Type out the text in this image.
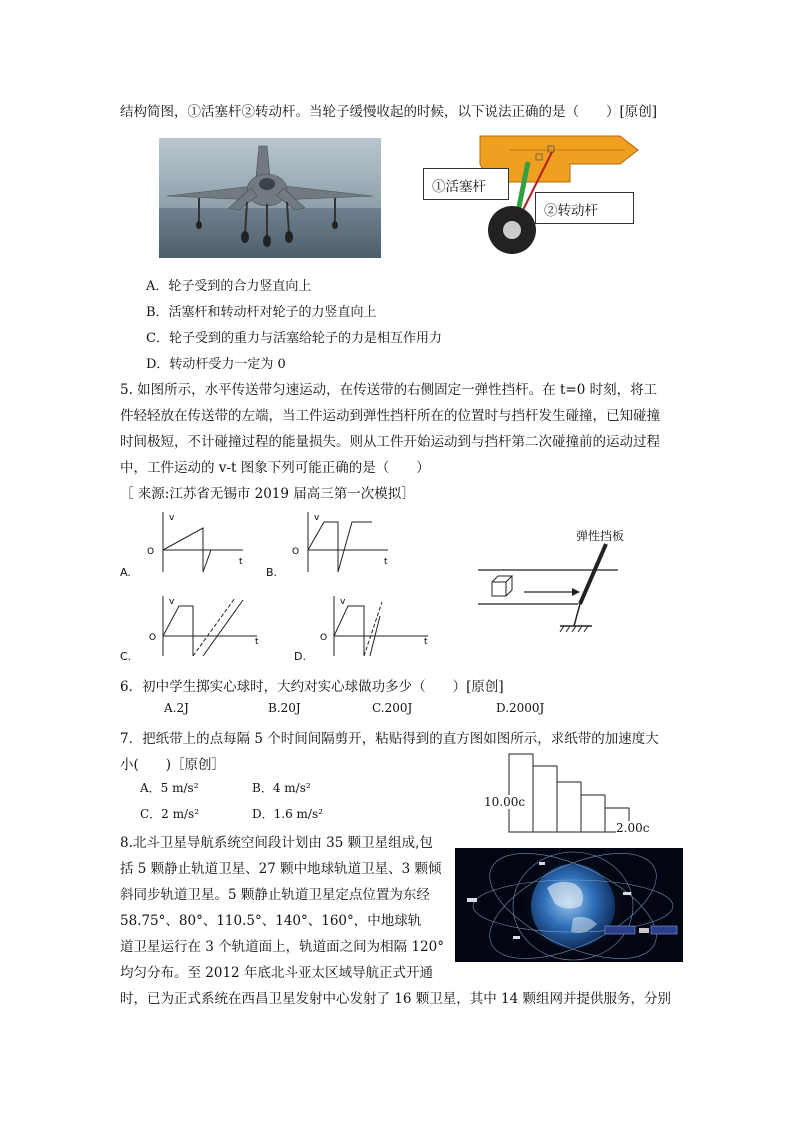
结构简图，①活塞杆②转动杆。当轮子缓慢收起的时候，以下说法正确的是（　　）[原创]
①活塞杆
②转动杆
A．轮子受到的合力竖直向上
B．活塞杆和转动杆对轮子的力竖直向上
C．轮子受到的重力与活塞给轮子的力是相互作用力
D．转动杆受力一定为 0
5. 如图所示，水平传送带匀速运动，在传送带的右侧固定一弹性挡杆。在 t=0 时刻，将工
件轻轻放在传送带的左端，当工件运动到弹性挡杆所在的位置时与挡杆发生碰撞，已知碰撞
时间极短，不计碰撞过程的能量损失。则从工件开始运动到与挡杆第二次碰撞前的运动过程
中，工件运动的 v-t 图象下列可能正确的是（　　）
［ 来源:江苏省无锡市 2019 届高三第一次模拟］
v
O
t
A.
v
O
t
B.
v
O	t
C.
v
O	t
D.
弹性挡板
6．初中学生掷实心球时，大约对实心球做功多少（　　）[原创]
A.2J	B.20J	C.200J	D.2000J
7．把纸带上的点每隔 5 个时间间隔剪开，粘贴得到的直方图如图所示，求纸带的加速度大
小(　　)［原创］
A．5 m/s²	B．4 m/s²
C．2 m/s²	D．1.6 m/s²
10.00c
2.00c
8.北斗卫星导航系统空间段计划由 35 颗卫星组成,包
括 5 颗静止轨道卫星、27 颗中地球轨道卫星、3 颗倾
斜同步轨道卫星。5 颗静止轨道卫星定点位置为东经
58.75°、80°、110.5°、140°、160°，中地球轨
道卫星运行在 3 个轨道面上，轨道面之间为相隔 120°
均匀分布。至 2012 年底北斗亚太区域导航正式开通
时，已为正式系统在西昌卫星发射中心发射了 16 颗卫星，其中 14 颗组网并提供服务，分别
